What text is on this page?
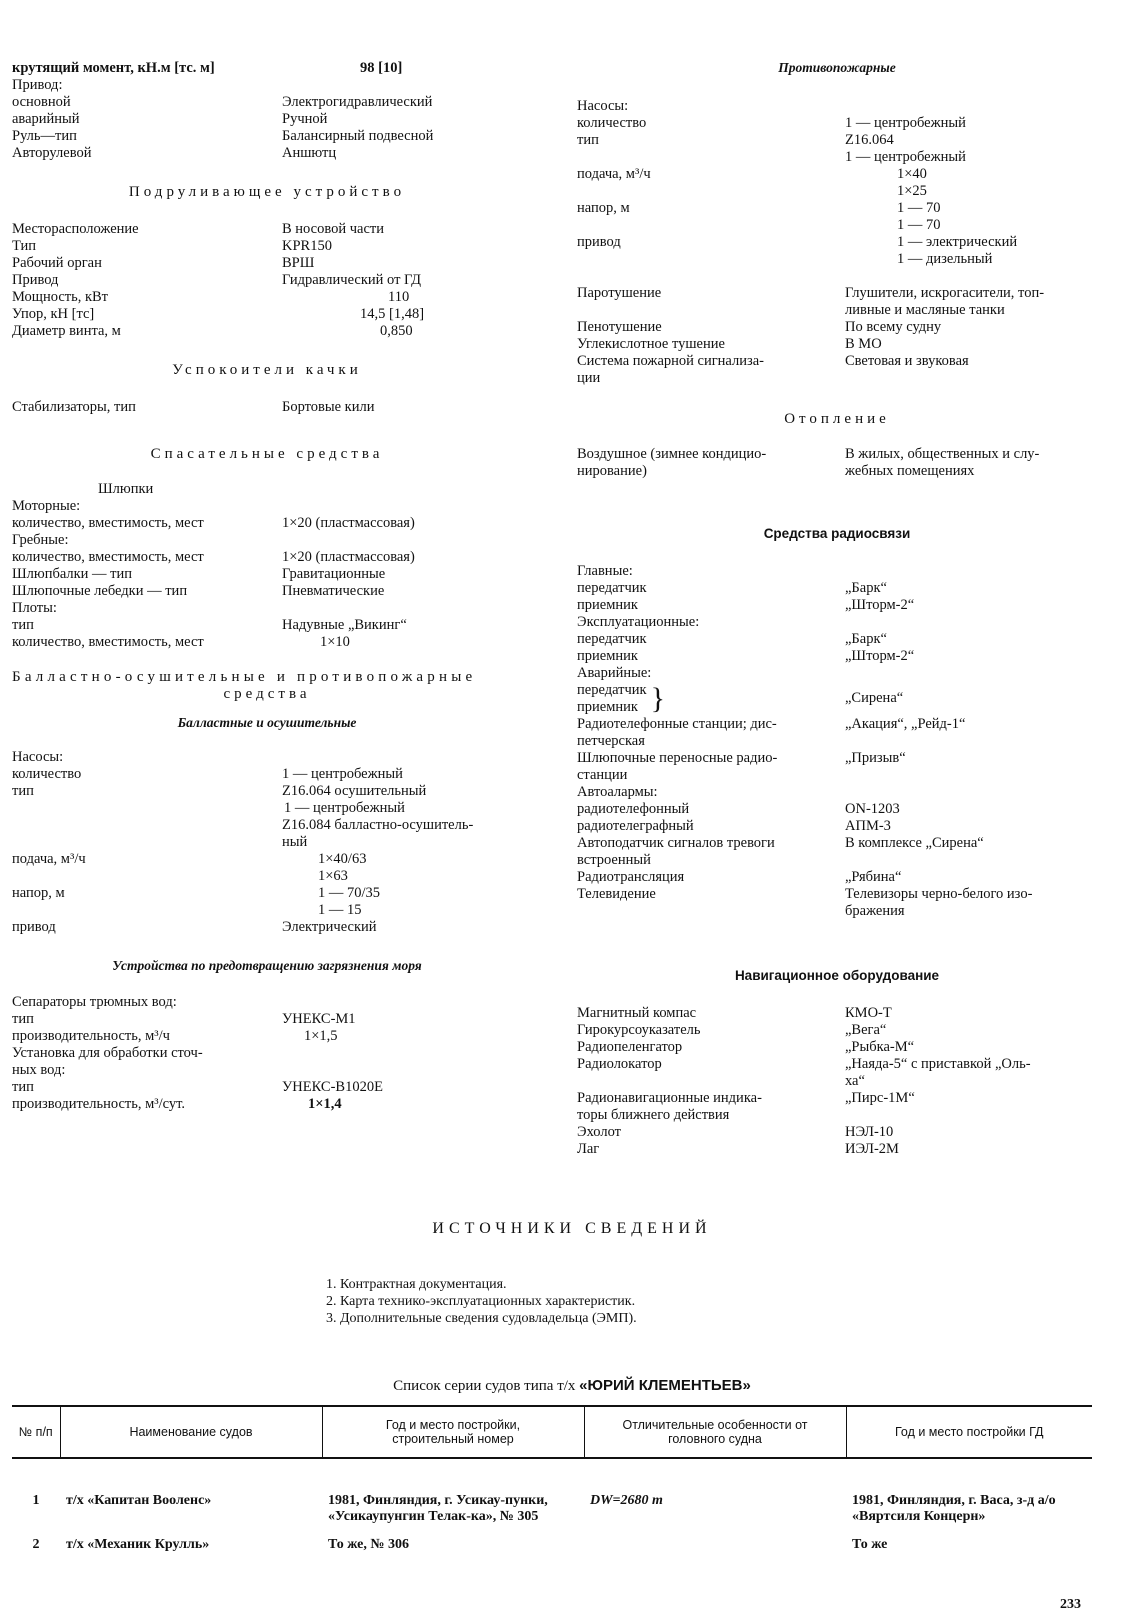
крутящий момент, кН.м [тс. м]	98 [10]
Привод:
основной	Электрогидравлический
аварийный	Ручной
Руль—тип	Балансирный подвесной
Авторулевой	Аншютц
Подруливающее устройство
Месторасположение	В носовой части
Тип	KPR150
Рабочий орган	ВРШ
Привод	Гидравлический от ГД
Мощность, кВт	110
Упор, кН [тс]	14,5 [1,48]
Диаметр винта, м	0,850
Успокоители качки
Стабилизаторы, тип	Бортовые кили
Спасательные средства
Шлюпки
Моторные:
количество, вместимость, мест	1×20 (пластмассовая)
Гребные:
количество, вместимость, мест	1×20 (пластмассовая)
Шлюпбалки — тип	Гравитационные
Шлюпочные лебедки — тип	Пневматические
Плоты:
тип	Надувные „Викинг“
количество, вместимость, мест	1×10
Балластно-осушительные и противопожарные
средства
Балластные и осушительные
Насосы:
количество	1 — центробежный
тип	Z16.064 осушительный
1 — центробежный
Z16.084 балластно-осушитель-
ный
подача, м³/ч	1×40/63
1×63
напор, м	1 — 70/35
1 — 15
привод	Электрический
Устройства по предотвращению загрязнения моря
Сепараторы трюмных вод:
тип	УНЕКС-М1
производительность, м³/ч	1×1,5
Установка для обработки сточ-
ных вод:
тип	УНЕКС-В1020Е
производительность, м³/сут.	1×1,4
Противопожарные
Насосы:
количество	1 — центробежный
тип	Z16.064
1 — центробежный
подача, м³/ч	1×40
1×25
напор, м	1 — 70
1 — 70
привод	1 — электрический
1 — дизельный
Паротушение	Глушители, искрогасители, топ-
ливные и масляные танки
Пенотушение	По всему судну
Углекислотное тушение	В МО
Система пожарной сигнализа-	Световая и звуковая
ции
Отопление
Воздушное (зимнее кондицио-	В жилых, общественных и слу-
нирование)	жебных помещениях
Средства радиосвязи
Главные:
передатчик	„Барк“
приемник	„Шторм-2“
Эксплуатационные:
передатчик	„Барк“
приемник	„Шторм-2“
Аварийные:
передатчик
приемник }	„Сирена“
Радиотелефонные станции; дис-	„Акация“, „Рейд-1“
петчерская
Шлюпочные переносные радио-	„Призыв“
станции
Автоалармы:
радиотелефонный	ON-1203
радиотелеграфный	АПМ-3
Автоподатчик сигналов тревоги	В комплексе „Сирена“
встроенный
Радиотрансляция	„Рябина“
Телевидение	Телевизоры черно-белого изо-
бражения
Навигационное оборудование
Магнитный компас	КМО-Т
Гирокурсоуказатель	„Вега“
Радиопеленгатор	„Рыбка-М“
Радиолокатор	„Наяда-5“ с приставкой „Оль-
ха“
Радионавигационные индика-	„Пирс-1М“
торы ближнего действия
Эхолот	НЭЛ-10
Лаг	ИЭЛ-2М
ИСТОЧНИКИ СВЕДЕНИЙ
1. Контрактная документация.
2. Карта технико-эксплуатационных характеристик.
3. Дополнительные сведения судовладельца (ЭМП).
Список серии судов типа т/х «ЮРИЙ КЛЕМЕНТЬЕВ»
№ п/п	Наименование судов	Год и место постройки, строительный номер	Отличительные особенности от головного судна	Год и место постройки ГД
1	т/х «Капитан Вооленс»	1981, Финляндия, г. Усикау-пунки, «Усикаупунгин Телак-ка», № 305	DW=2680 т	1981, Финляндия, г. Васа, з-д а/о «Вяртсиля Концерн»
2	т/х «Механик Крулль»	То же, № 306		То же
233
